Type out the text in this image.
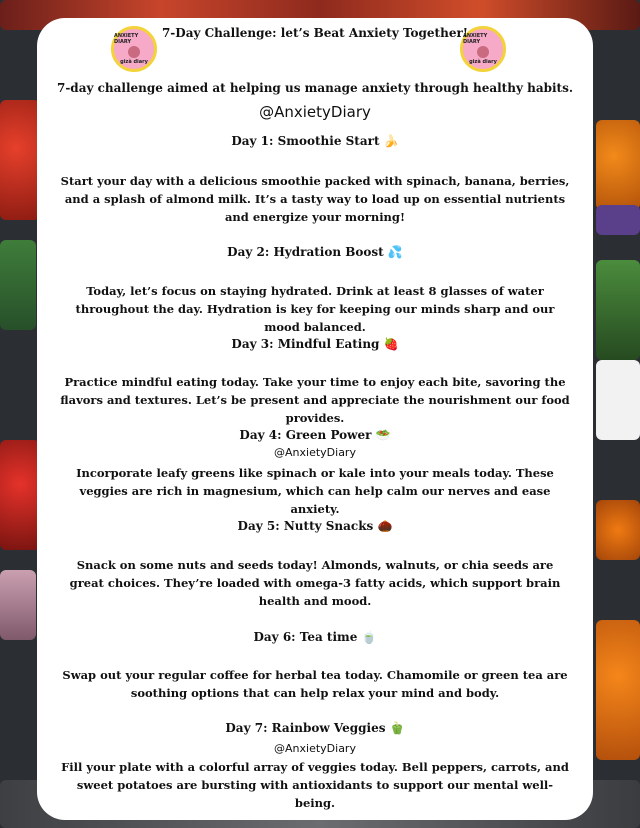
ANXIETY DIARY
gizà diary
ANXIETY DIARY
gizà diary
7-Day Challenge: let’s Beat Anxiety Together!
7-day challenge aimed at helping us manage anxiety through healthy habits.
@AnxietyDiary
Day 1: Smoothie Start 🍌
Start your day with a delicious smoothie packed with spinach, banana, berries, and a splash of almond milk. It’s a tasty way to load up on essential nutrients and energize your morning!
Day 2: Hydration Boost 💦
Today, let’s focus on staying hydrated. Drink at least 8 glasses of water throughout the day. Hydration is key for keeping our minds sharp and our mood balanced.
Day 3: Mindful Eating 🍓
Practice mindful eating today. Take your time to enjoy each bite, savoring the flavors and textures. Let’s be present and appreciate the nourishment our food provides.
Day 4: Green Power 🥗
@AnxietyDiary
Incorporate leafy greens like spinach or kale into your meals today. These veggies are rich in magnesium, which can help calm our nerves and ease anxiety.
Day 5: Nutty Snacks 🌰
Snack on some nuts and seeds today! Almonds, walnuts, or chia seeds are great choices. They’re loaded with omega-3 fatty acids, which support brain health and mood.
Day 6: Tea time 🍵
Swap out your regular coffee for herbal tea today. Chamomile or green tea are soothing options that can help relax your mind and body.
Day 7: Rainbow Veggies 🫑
@AnxietyDiary
Fill your plate with a colorful array of veggies today. Bell peppers, carrots, and sweet potatoes are bursting with antioxidants to support our mental well-being.
